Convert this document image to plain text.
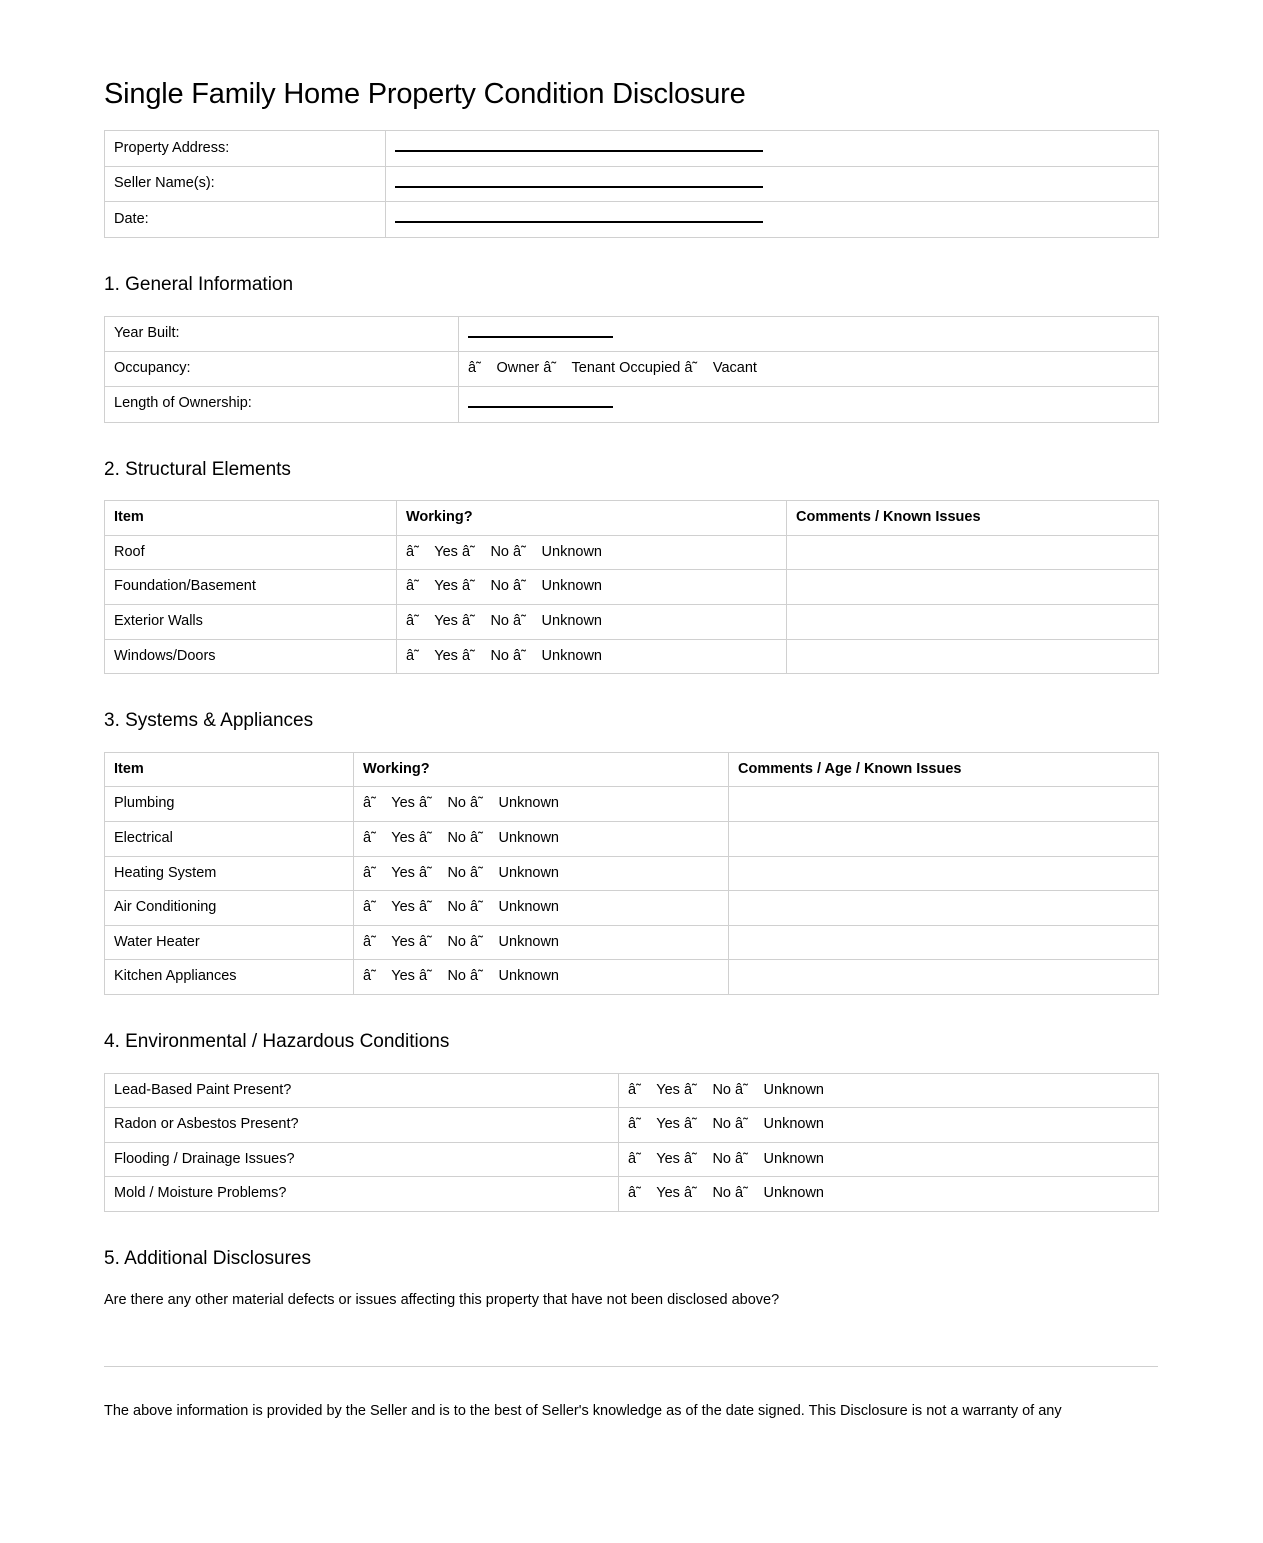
Single Family Home Property Condition Disclosure
Property Address:	
Seller Name(s):	
Date:	
1. General Information
Year Built:	
Occupancy:	â˜ Owner â˜ Tenant Occupied â˜ Vacant
Length of Ownership:	
2. Structural Elements
Item	Working?	Comments / Known Issues
Roof	â˜ Yes â˜ No â˜ Unknown	
Foundation/Basement	â˜ Yes â˜ No â˜ Unknown	
Exterior Walls	â˜ Yes â˜ No â˜ Unknown	
Windows/Doors	â˜ Yes â˜ No â˜ Unknown	
3. Systems & Appliances
Item	Working?	Comments / Age / Known Issues
Plumbing	â˜ Yes â˜ No â˜ Unknown	
Electrical	â˜ Yes â˜ No â˜ Unknown	
Heating System	â˜ Yes â˜ No â˜ Unknown	
Air Conditioning	â˜ Yes â˜ No â˜ Unknown	
Water Heater	â˜ Yes â˜ No â˜ Unknown	
Kitchen Appliances	â˜ Yes â˜ No â˜ Unknown	
4. Environmental / Hazardous Conditions
Lead-Based Paint Present?	â˜ Yes â˜ No â˜ Unknown
Radon or Asbestos Present?	â˜ Yes â˜ No â˜ Unknown
Flooding / Drainage Issues?	â˜ Yes â˜ No â˜ Unknown
Mold / Moisture Problems?	â˜ Yes â˜ No â˜ Unknown
5. Additional Disclosures

Are there any other material defects or issues affecting this property that have not been disclosed above?

The above information is provided by the Seller and is to the best of Seller's knowledge as of the date signed. This Disclosure is not a warranty of any
